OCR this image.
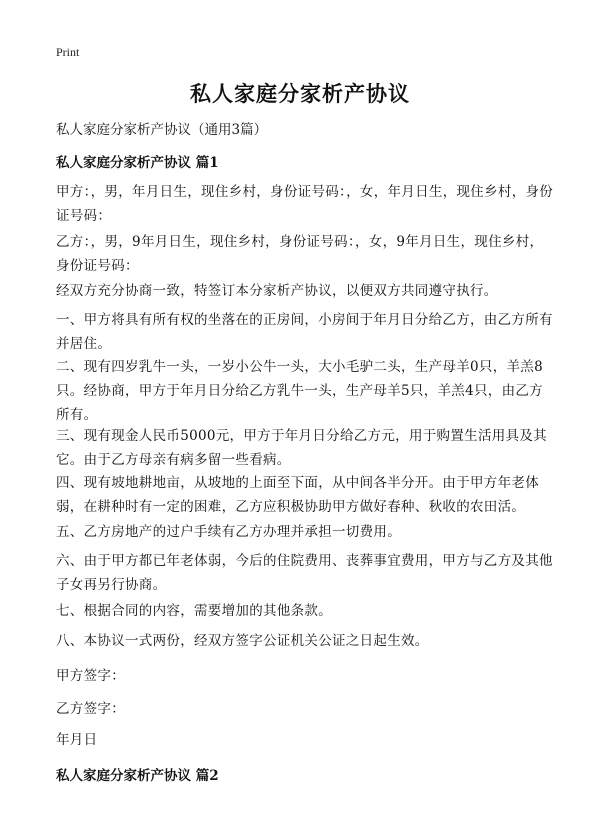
Print
私人家庭分家析产协议
私人家庭分家析产协议（通用3篇）
私人家庭分家析产协议 篇1
甲方：，男，年月日生，现住乡村，身份证号码：，女，年月日生，现住乡村，身份证号码：
乙方：，男，9年月日生，现住乡村，身份证号码：，女，9年月日生，现住乡村，身份证号码：
经双方充分协商一致，特签订本分家析产协议，以便双方共同遵守执行。
一、甲方将具有所有权的坐落在的正房间，小房间于年月日分给乙方，由乙方所有并居住。
二、现有四岁乳牛一头，一岁小公牛一头，大小毛驴二头，生产母羊0只，羊羔8只。经协商，甲方于年月日分给乙方乳牛一头，生产母羊5只，羊羔4只，由乙方所有。
三、现有现金人民币5000元，甲方于年月日分给乙方元，用于购置生活用具及其它。由于乙方母亲有病多留一些看病。
四、现有坡地耕地亩，从坡地的上面至下面，从中间各半分开。由于甲方年老体弱，在耕种时有一定的困难，乙方应积极协助甲方做好春种、秋收的农田活。
五、乙方房地产的过户手续有乙方办理并承担一切费用。
六、由于甲方都已年老体弱，今后的住院费用、丧葬事宜费用，甲方与乙方及其他子女再另行协商。
七、根据合同的内容，需要增加的其他条款。
八、本协议一式两份，经双方签字公证机关公证之日起生效。
甲方签字：
乙方签字：
年月日
私人家庭分家析产协议 篇2
